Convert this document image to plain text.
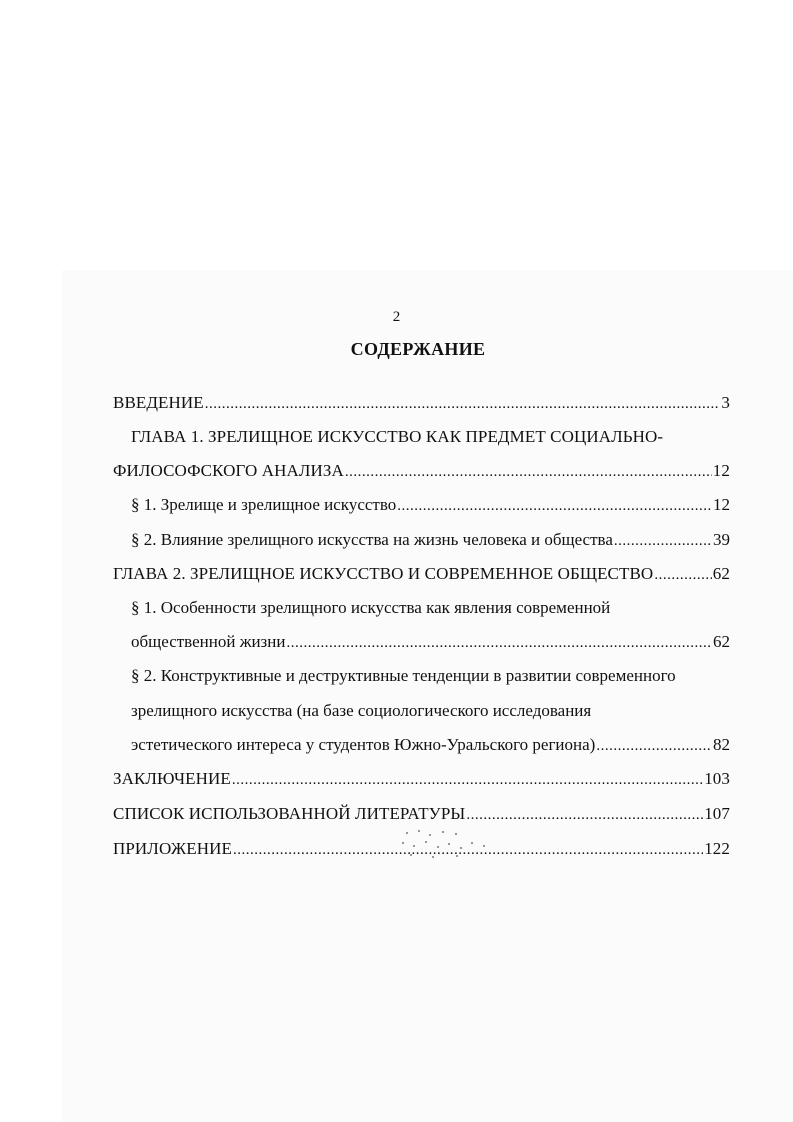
2
СОДЕРЖАНИЕ
ВВЕДЕНИЕ .....	3
ГЛАВА 1. ЗРЕЛИЩНОЕ ИСКУССТВО КАК ПРЕДМЕТ СОЦИАЛЬНО-
ФИЛОСОФСКОГО АНАЛИЗА .....	12
§ 1. Зрелище и зрелищное искусство .....	12
§ 2. Влияние зрелищного искусства на жизнь человека и общества .....	39
ГЛАВА 2. ЗРЕЛИЩНОЕ ИСКУССТВО И СОВРЕМЕННОЕ ОБЩЕСТВО .....	62
§ 1. Особенности зрелищного искусства как явления современной
общественной жизни .....	62
§ 2. Конструктивные и деструктивные тенденции в развитии современного
зрелищного искусства (на базе социологического исследования
эстетического интереса у студентов Южно-Уральского региона) .....	82
ЗАКЛЮЧЕНИЕ .....	103
СПИСОК ИСПОЛЬЗОВАННОЙ ЛИТЕРАТУРЫ .....	107
ПРИЛОЖЕНИЕ .....	122
